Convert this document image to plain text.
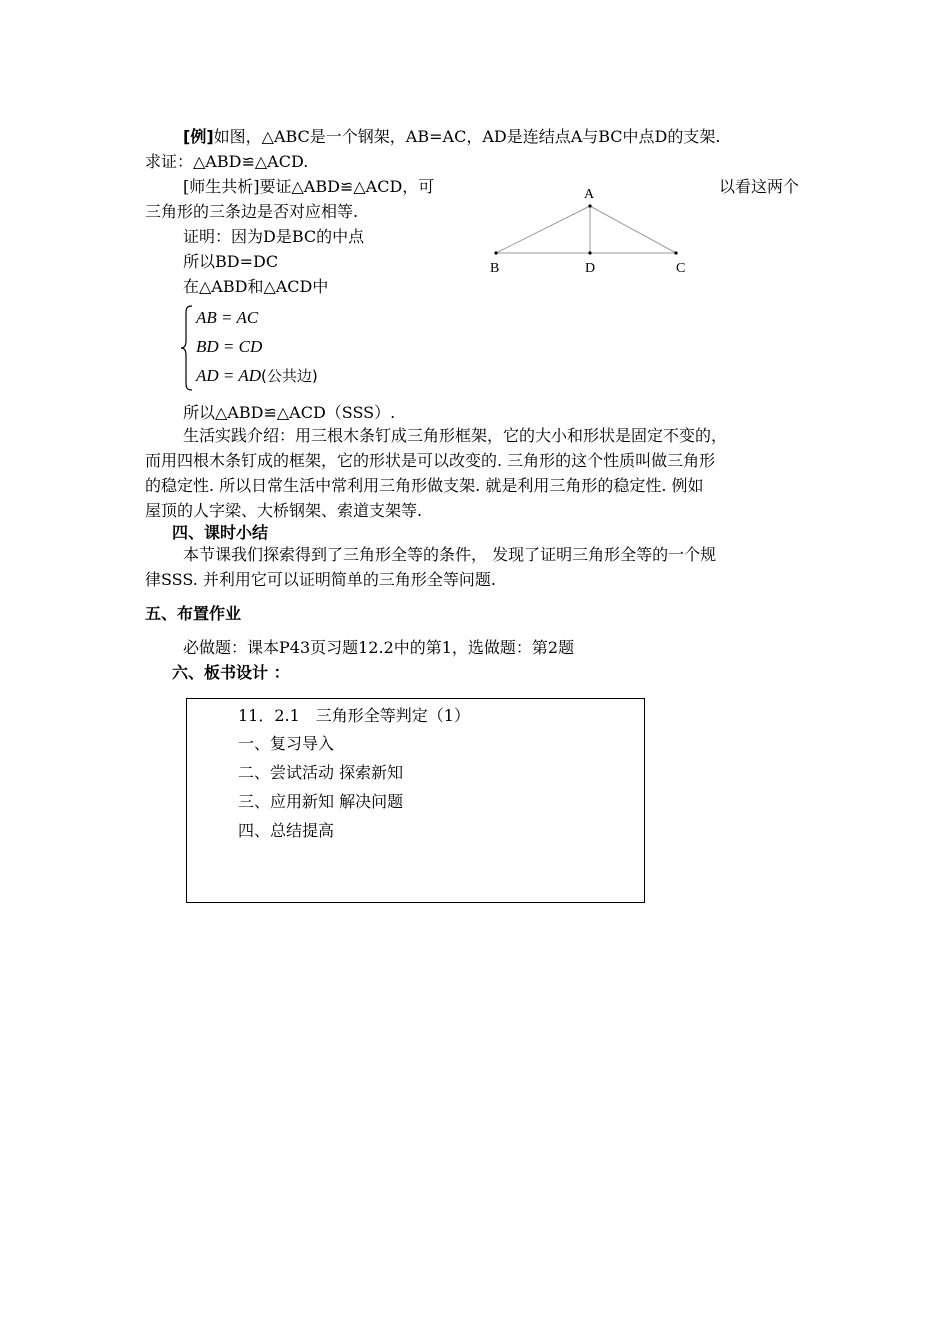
[例]如图，△ABC是一个钢架，AB=AC，AD是连结点A与BC中点D的支架.
求证：△ABD≌△ACD.
[师生共析]要证△ABD≌△ACD，可	以看这两个
三角形的三条边是否对应相等.
证明：因为D是BC的中点
所以BD=DC
在△ABD和△ACD中
AB = AC
BD = CD
AD = AD(公共边)
所以△ABD≌△ACD（SSS）.
A
B	D	C
生活实践介绍：用三根木条钉成三角形框架，它的大小和形状是固定不变的，
而用四根木条钉成的框架，它的形状是可以改变的. 三角形的这个性质叫做三角形
的稳定性. 所以日常生活中常利用三角形做支架. 就是利用三角形的稳定性. 例如
屋顶的人字梁、大桥钢架、索道支架等.
四、课时小结
本节课我们探索得到了三角形全等的条件， 发现了证明三角形全等的一个规
律SSS. 并利用它可以证明简单的三角形全等问题.
五、布置作业
必做题：课本P43页习题12.2中的第1，选做题：第2题
六、板书设计 ：
11．2.1　三角形全等判定（1）
一、复习导入
二、尝试活动 探索新知
三、应用新知 解决问题
四、总结提高
